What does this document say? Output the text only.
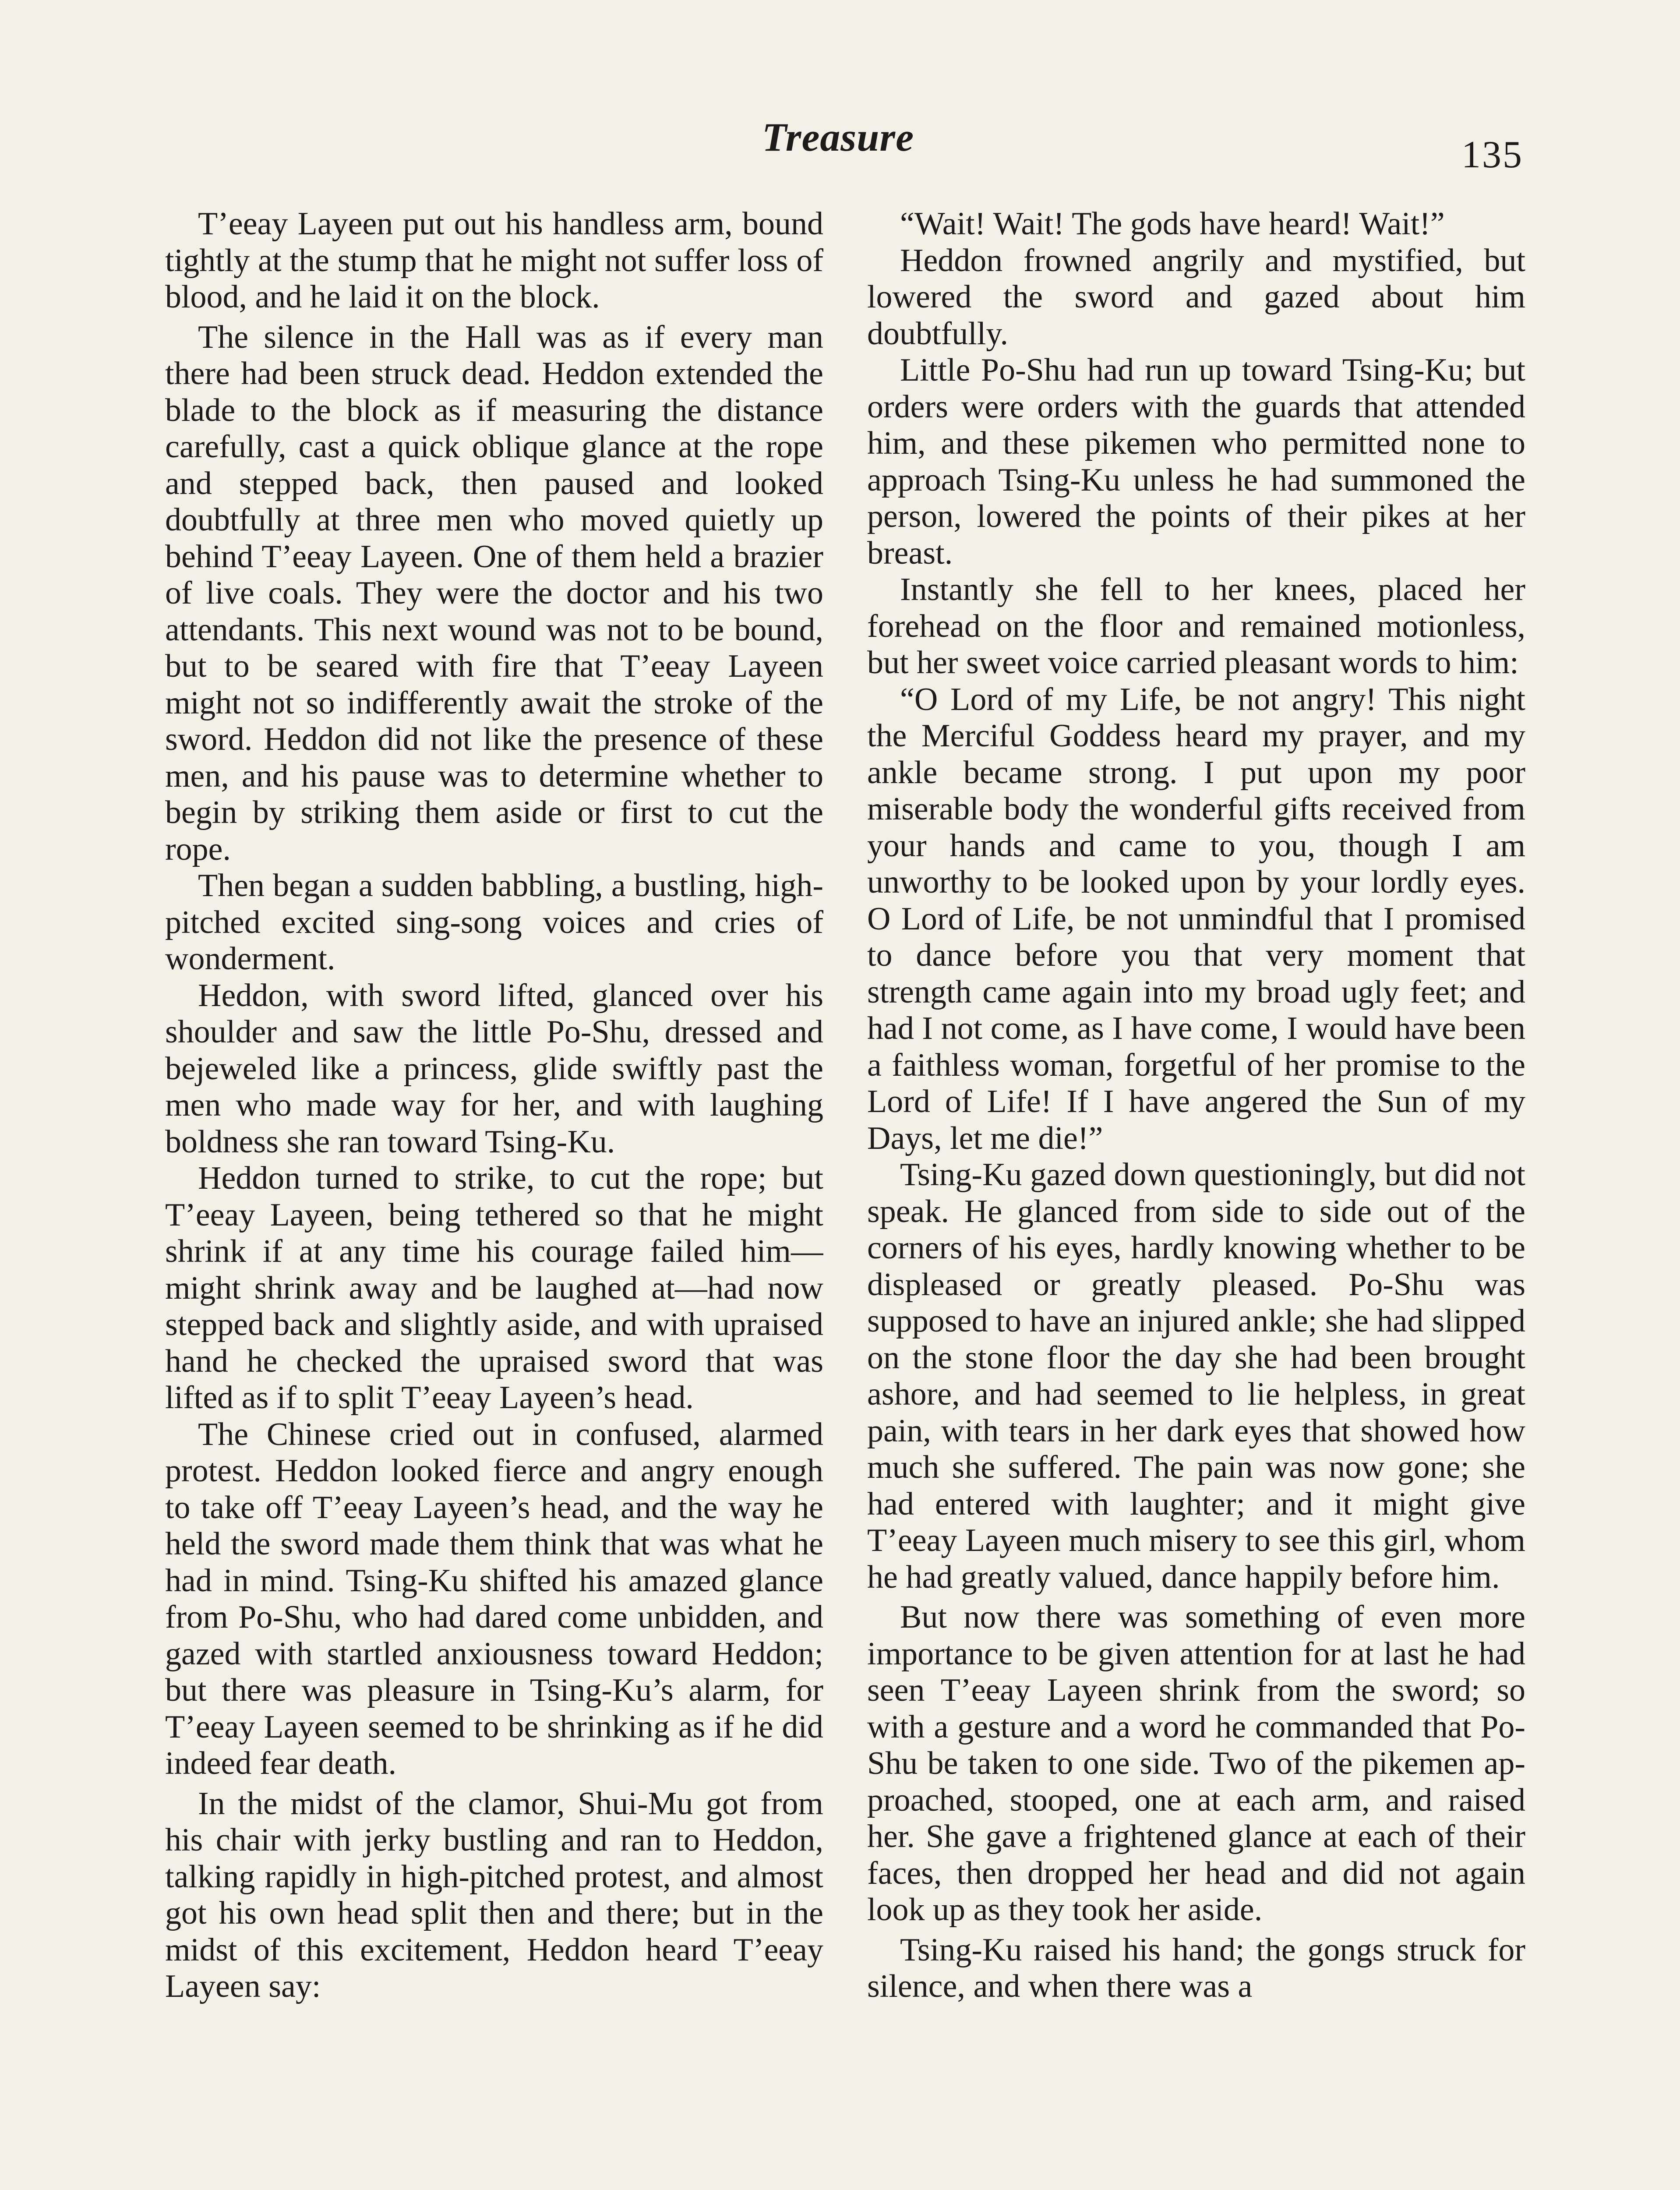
Treasure	135

T’eeay Layeen put out his handless arm, bound tightly at the stump that he might not suffer loss of blood, and he laid it on the block.

The silence in the Hall was as if every man there had been struck dead. Heddon extended the blade to the block as if measuring the distance carefully, cast a quick oblique glance at the rope and stepped back, then paused and looked doubtfully at three men who moved quietly up behind T’eeay Layeen. One of them held a brazier of live coals. They were the doctor and his two attendants. This next wound was not to be bound, but to be seared with fire that T’eeay Layeen might not so indifferently await the stroke of the sword. Heddon did not like the presence of these men, and his pause was to determine whether to begin by striking them aside or first to cut the rope.

Then began a sudden babbling, a bustling, high-pitched excited sing-song voices and cries of wonderment.

Heddon, with sword lifted, glanced over his shoulder and saw the little Po-Shu, dressed and bejeweled like a princess, glide swiftly past the men who made way for her, and with laughing boldness she ran toward Tsing-Ku.

Heddon turned to strike, to cut the rope; but T’eeay Layeen, being tethered so that he might shrink if at any time his courage failed him—might shrink away and be laughed at—had now stepped back and slightly aside, and with upraised hand he checked the upraised sword that was lifted as if to split T’eeay Layeen’s head.

The Chinese cried out in confused, alarmed protest. Heddon looked fierce and angry enough to take off T’eeay Layeen’s head, and the way he held the sword made them think that was what he had in mind. Tsing-Ku shifted his amazed glance from Po-Shu, who had dared come unbidden, and gazed with startled anxiousness toward Heddon; but there was pleasure in Tsing-Ku’s alarm, for T’eeay Layeen seemed to be shrinking as if he did indeed fear death.

In the midst of the clamor, Shui-Mu got from his chair with jerky bustling and ran to Heddon, talking rapidly in high-pitched protest, and almost got his own head split then and there; but in the midst of this excitement, Heddon heard T’eeay Layeen say:

“Wait! Wait! The gods have heard! Wait!”

Heddon frowned angrily and mystified, but lowered the sword and gazed about him doubtfully.

Little Po-Shu had run up toward Tsing-Ku; but orders were orders with the guards that attended him, and these pikemen who permitted none to approach Tsing-Ku unless he had summoned the person, lowered the points of their pikes at her breast.

Instantly she fell to her knees, placed her forehead on the floor and remained motionless, but her sweet voice carried pleasant words to him:

“O Lord of my Life, be not angry! This night the Merciful Goddess heard my prayer, and my ankle became strong. I put upon my poor miserable body the wonderful gifts received from your hands and came to you, though I am unworthy to be looked upon by your lordly eyes. O Lord of Life, be not unmindful that I promised to dance before you that very moment that strength came again into my broad ugly feet; and had I not come, as I have come, I would have been a faithless woman, forgetful of her promise to the Lord of Life! If I have angered the Sun of my Days, let me die!”

Tsing-Ku gazed down questioningly, but did not speak. He glanced from side to side out of the corners of his eyes, hardly knowing whether to be displeased or greatly pleased. Po-Shu was supposed to have an injured ankle; she had slipped on the stone floor the day she had been brought ashore, and had seemed to lie helpless, in great pain, with tears in her dark eyes that showed how much she suffered. The pain was now gone; she had entered with laughter; and it might give T’eeay Layeen much misery to see this girl, whom he had greatly valued, dance happily before him.

But now there was something of even more importance to be given attention for at last he had seen T’eeay Layeen shrink from the sword; so with a gesture and a word he commanded that Po-Shu be taken to one side. Two of the pikemen approached, stooped, one at each arm, and raised her. She gave a frightened glance at each of their faces, then dropped her head and did not again look up as they took her aside.

Tsing-Ku raised his hand; the gongs struck for silence, and when there was a
